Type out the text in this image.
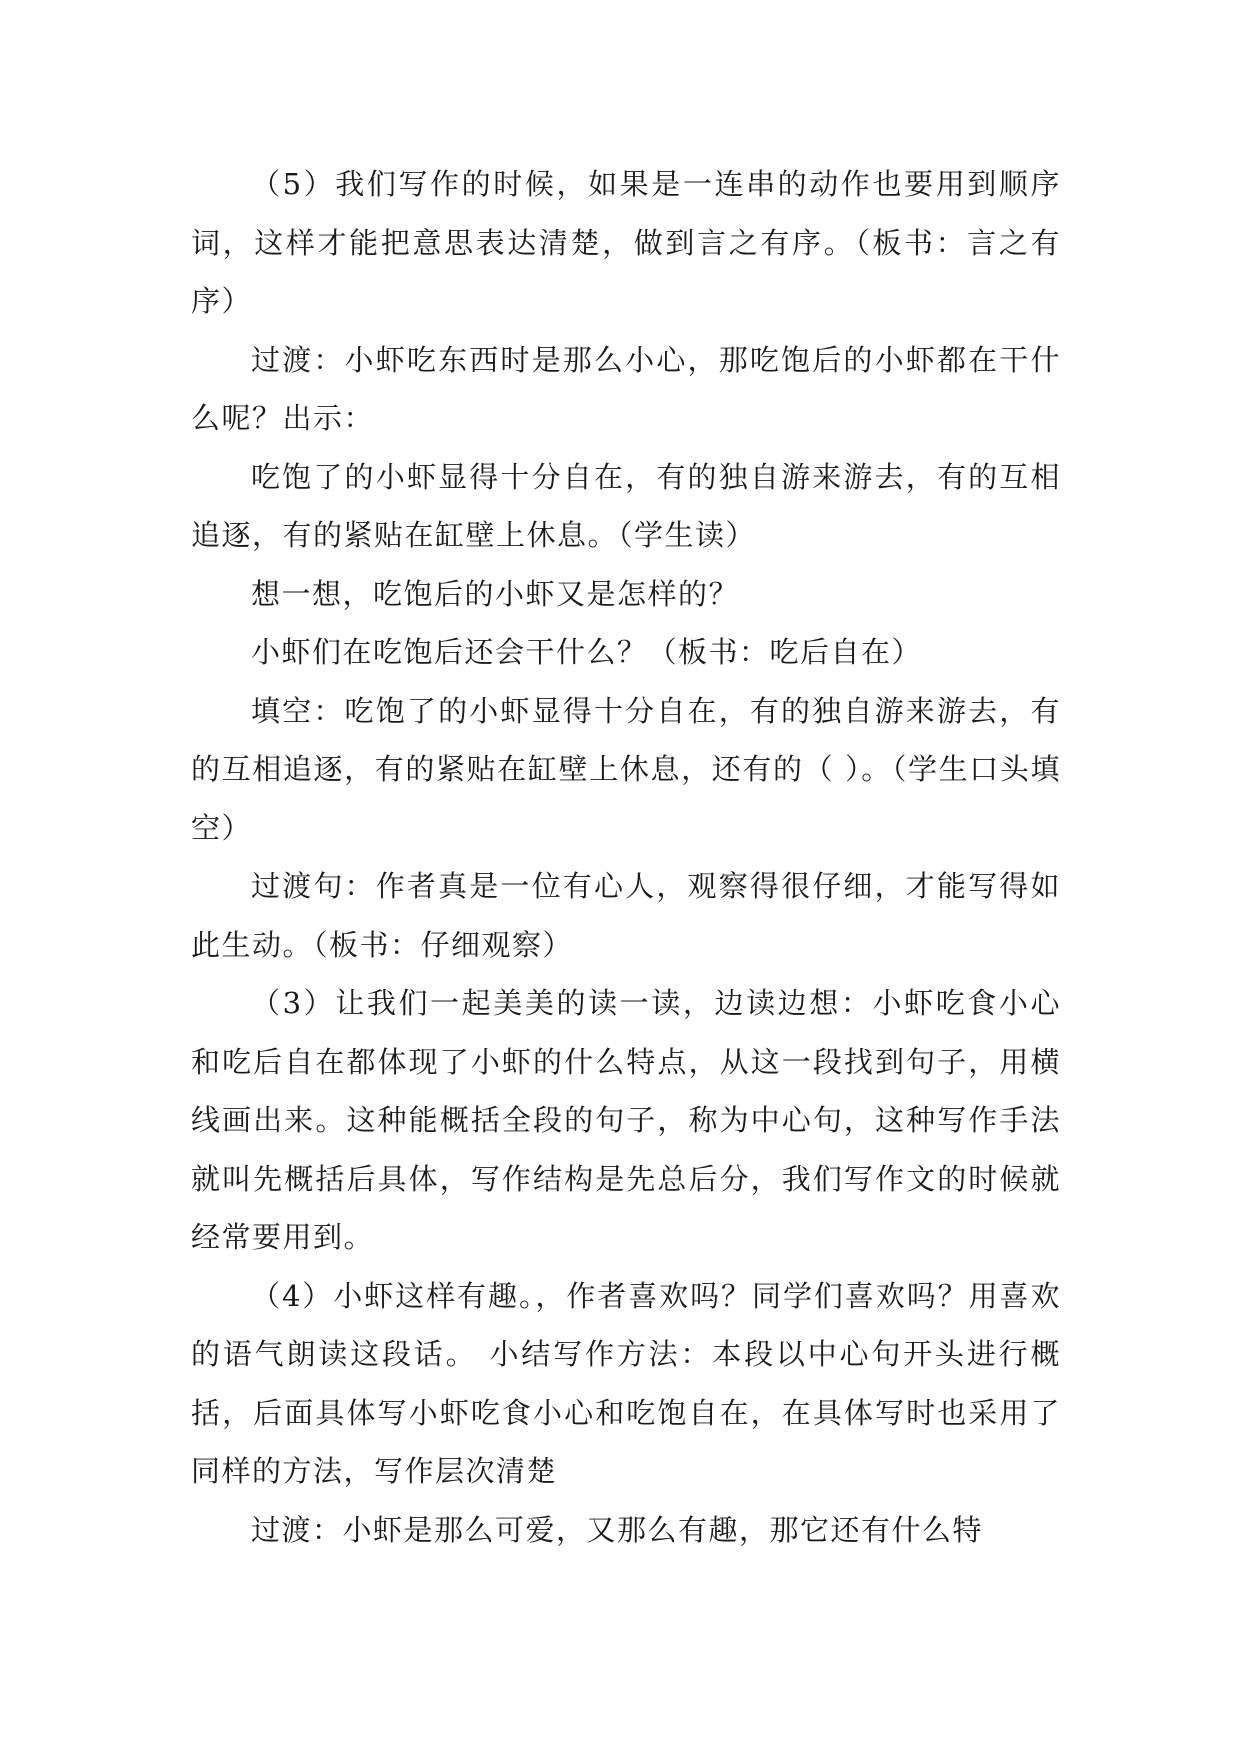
（5）我们写作的时候，如果是一连串的动作也要用到顺序词，这样才能把意思表达清楚，做到言之有序。（板书：言之有序）

过渡：小虾吃东西时是那么小心，那吃饱后的小虾都在干什么呢？出示：

吃饱了的小虾显得十分自在，有的独自游来游去，有的互相追逐，有的紧贴在缸壁上休息。（学生读）

想一想，吃饱后的小虾又是怎样的？

小虾们在吃饱后还会干什么？（板书：吃后自在）

填空：吃饱了的小虾显得十分自在，有的独自游来游去，有的互相追逐，有的紧贴在缸壁上休息，还有的（ ）。（学生口头填空）

过渡句：作者真是一位有心人，观察得很仔细，才能写得如此生动。（板书：仔细观察）

（3）让我们一起美美的读一读，边读边想：小虾吃食小心和吃后自在都体现了小虾的什么特点，从这一段找到句子，用横线画出来。这种能概括全段的句子，称为中心句，这种写作手法就叫先概括后具体，写作结构是先总后分，我们写作文的时候就经常要用到。

（4）小虾这样有趣。，作者喜欢吗？同学们喜欢吗？用喜欢的语气朗读这段话。 小结写作方法：本段以中心句开头进行概括，后面具体写小虾吃食小心和吃饱自在，在具体写时也采用了同样的方法，写作层次清楚

过渡：小虾是那么可爱，又那么有趣，那它还有什么特
